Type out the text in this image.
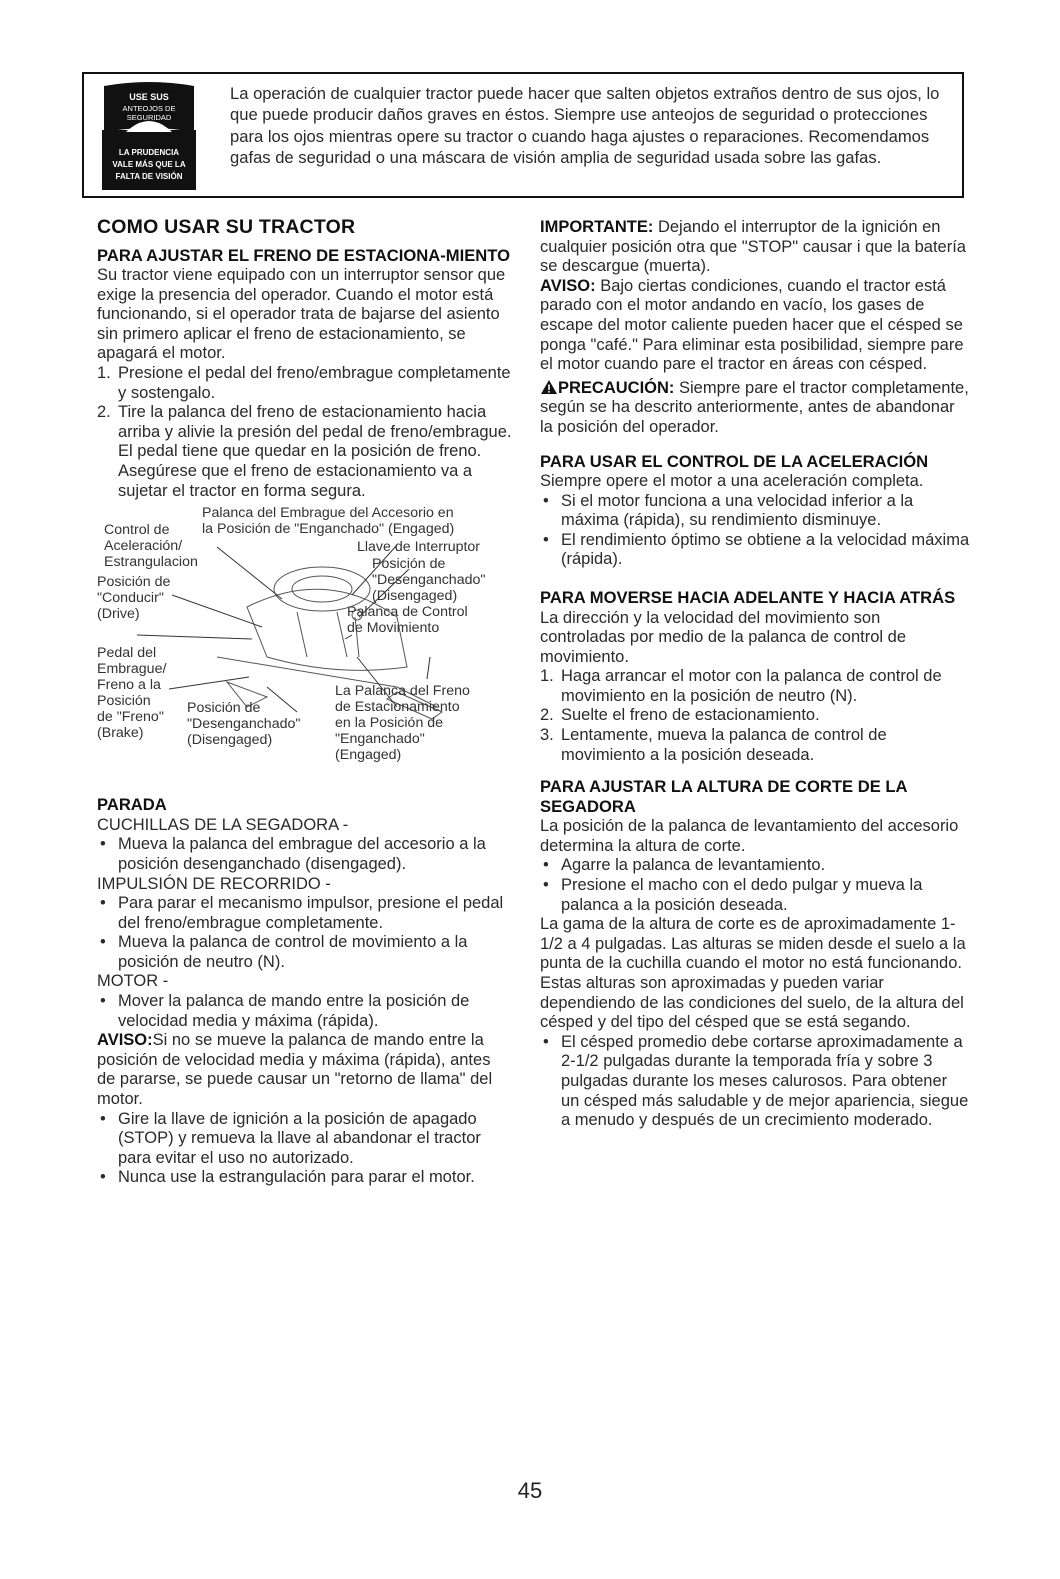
USE SUS
ANTEOJOS DE
SEGURIDAD
LA PRUDENCIA
VALE MÁS QUE LA
FALTA DE VISIÓN
La operación de cualquier tractor puede hacer que salten objetos extraños dentro de sus ojos, lo que puede producir daños graves en éstos. Siempre use anteojos de seguridad o protecciones para los ojos mientras opere su tractor o cuando haga ajustes o reparaciones. Recomendamos gafas de seguridad o una máscara de visión amplia de seguridad usada sobre las gafas.
COMO USAR SU TRACTOR
PARA AJUSTAR EL FRENO DE ESTACIONA-MIENTO

Su tractor viene equipado con un interruptor sensor que exige la presencia del operador. Cuando el motor está funcionando, si el operador trata de bajarse del asiento sin primero aplicar el freno de estacionamiento, se apagará el motor.

1. Presione el pedal del freno/embrague completamente y sostengalo.
2. Tire la palanca del freno de estacionamiento hacia arriba y alivie la presión del pedal de freno/embrague. El pedal tiene que quedar en la posición de freno. Asegúrese que el freno de estacionamiento va a sujetar el tractor en forma segura.
Palanca del Embrague del Accesorio en
la Posición de "Enganchado" (Engaged)
Control de
Aceleración/
Estrangulacion
Posición de
"Conducir"
(Drive)
Llave de Interruptor
Posición de
"Desenganchado"
(Disengaged)
Palanca de Control
de Movimiento
Pedal del
Embrague/
Freno a la
Posición
de "Freno"
(Brake)
Posición de
"Desenganchado"
(Disengaged)
La Palanca del Freno
de Estacionamiento
en la Posición de
"Enganchado"
(Engaged)
PARADA

CUCHILLAS DE LA SEGADORA -

• Mueva la palanca del embrague del accesorio a la posición desenganchado (disengaged).

IMPULSIÓN DE RECORRIDO -

• Para parar el mecanismo impulsor, presione el pedal del freno/embrague completamente.
• Mueva la palanca de control de movimiento a la posición de neutro (N).

MOTOR -

• Mover la palanca de mando entre la posición de velocidad media y máxima (rápida).

AVISO:Si no se mueve la palanca de mando entre la posición de velocidad media y máxima (rápida), antes de pararse, se puede causar un "retorno de llama" del motor.

• Gire la llave de ignición a la posición de apagado (STOP) y remueva la llave al abandonar el tractor para evitar el uso no autorizado.
• Nunca use la estrangulación para parar el motor.

IMPORTANTE: Dejando el interruptor de la ignición en cualquier posición otra que "STOP" causar i que la batería se descargue (muerta).

AVISO: Bajo ciertas condiciones, cuando el tractor está parado con el motor andando en vacío, los gases de escape del motor caliente pueden hacer que el césped se ponga "café." Para eliminar esta posibilidad, siempre pare el motor cuando pare el tractor en áreas con césped.

PRECAUCIÓN: Siempre pare el tractor completamente, según se ha descrito anteriormente, antes de abandonar la posición del operador.

PARA USAR EL CONTROL DE LA ACELERACIÓN

Siempre opere el motor a una aceleración completa.

• Si el motor funciona a una velocidad inferior a la máxima (rápida), su rendimiento disminuye.
• El rendimiento óptimo se obtiene a la velocidad máxima (rápida).
PARA MOVERSE HACIA ADELANTE Y HACIA ATRÁS

La dirección y la velocidad del movimiento son controladas por medio de la palanca de control de movimiento.

1. Haga arrancar el motor con la palanca de control de movimiento en la posición de neutro (N).
2. Suelte el freno de estacionamiento.
3. Lentamente, mueva la palanca de control de movimiento a la posición deseada.
PARA AJUSTAR LA ALTURA DE CORTE DE LA SEGADORA

La posición de la palanca de levantamiento del accesorio determina la altura de corte.

• Agarre la palanca de levantamiento.
• Presione el macho con el dedo pulgar y mueva la palanca a la posición deseada.

La gama de la altura de corte es de aproximadamente 1-1/2 a 4 pulgadas. Las alturas se miden desde el suelo a la punta de la cuchilla cuando el motor no está funcionando. Estas alturas son aproximadas y pueden variar dependiendo de las condiciones del suelo, de la altura del césped y del tipo del césped que se está segando.

• El césped promedio debe cortarse aproximadamente a 2-1/2 pulgadas durante la temporada fría y sobre 3 pulgadas durante los meses calurosos. Para obtener un césped más saludable y de mejor apariencia, siegue a menudo y después de un crecimiento moderado.
45
